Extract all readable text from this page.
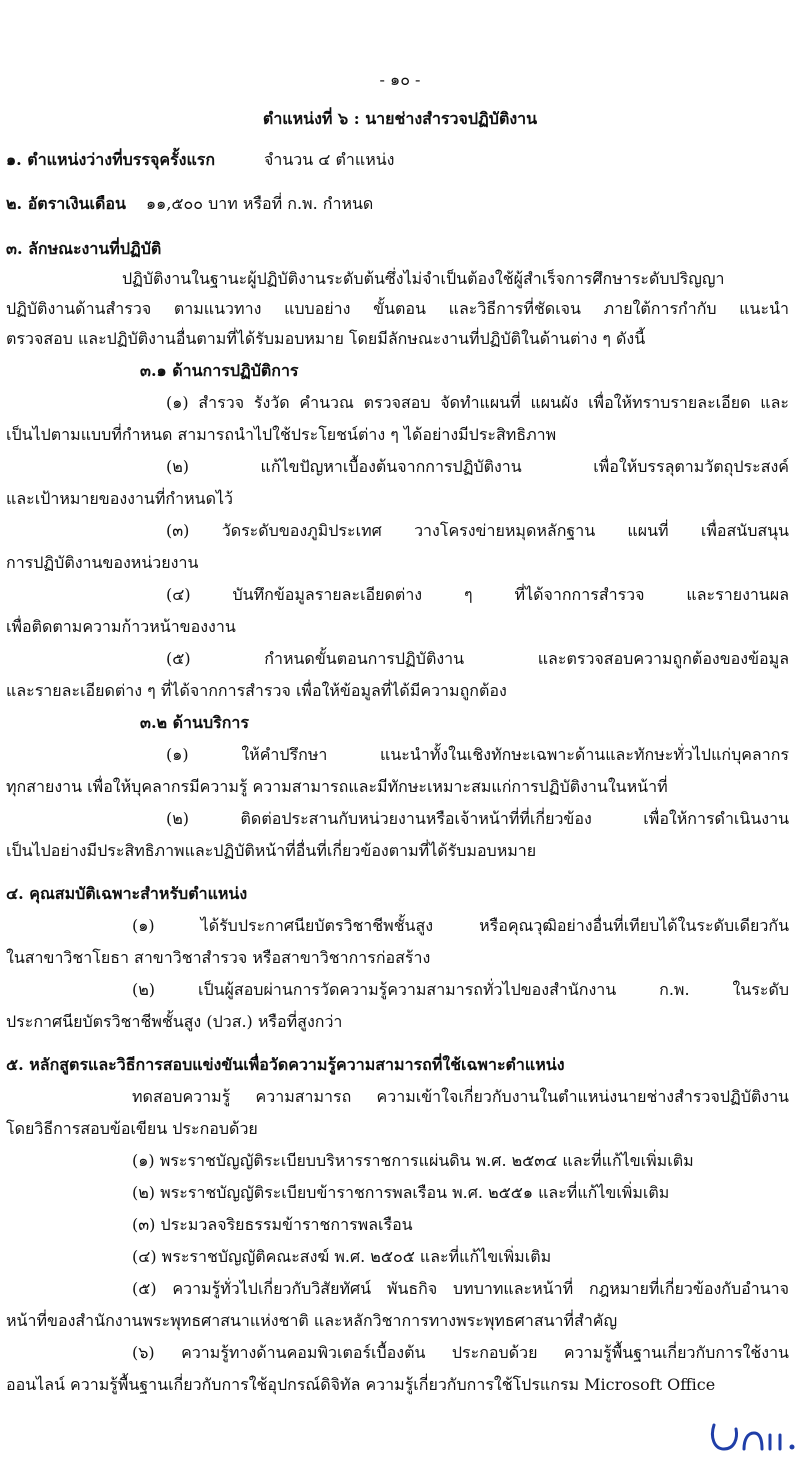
- ๑๐ -
ตำแหน่งที่ ๖ : นายช่างสำรวจปฏิบัติงาน
๑. ตำแหน่งว่างที่บรรจุครั้งแรก	จำนวน ๔ ตำแหน่ง
๒. อัตราเงินเดือน ๑๑,๕๐๐ บาท หรือที่ ก.พ. กำหนด
๓. ลักษณะงานที่ปฏิบัติ
ปฏิบัติงานในฐานะผู้ปฏิบัติงานระดับต้นซึ่งไม่จำเป็นต้องใช้ผู้สำเร็จการศึกษาระดับปริญญา
ปฏิบัติงานด้านสำรวจ ตามแนวทาง แบบอย่าง ขั้นตอน และวิธีการที่ชัดเจน ภายใต้การกำกับ แนะนำ
ตรวจสอบ และปฏิบัติงานอื่นตามที่ได้รับมอบหมาย โดยมีลักษณะงานที่ปฏิบัติในด้านต่าง ๆ ดังนี้
๓.๑ ด้านการปฏิบัติการ
(๑) สำรวจ รังวัด คำนวณ ตรวจสอบ จัดทำแผนที่ แผนผัง เพื่อให้ทราบรายละเอียด และ
เป็นไปตามแบบที่กำหนด สามารถนำไปใช้ประโยชน์ต่าง ๆ ได้อย่างมีประสิทธิภาพ
(๒) แก้ไขปัญหาเบื้องต้นจากการปฏิบัติงาน เพื่อให้บรรลุตามวัตถุประสงค์
และเป้าหมายของงานที่กำหนดไว้
(๓) วัดระดับของภูมิประเทศ วางโครงข่ายหมุดหลักฐาน แผนที่ เพื่อสนับสนุน
การปฏิบัติงานของหน่วยงาน
(๔) บันทึกข้อมูลรายละเอียดต่าง ๆ ที่ได้จากการสำรวจ และรายงานผล
เพื่อติดตามความก้าวหน้าของงาน
(๕) กำหนดขั้นตอนการปฏิบัติงาน และตรวจสอบความถูกต้องของข้อมูล
และรายละเอียดต่าง ๆ ที่ได้จากการสำรวจ เพื่อให้ข้อมูลที่ได้มีความถูกต้อง
๓.๒ ด้านบริการ
(๑) ให้คำปรึกษา แนะนำทั้งในเชิงทักษะเฉพาะด้านและทักษะทั่วไปแก่บุคลากร
ทุกสายงาน เพื่อให้บุคลากรมีความรู้ ความสามารถและมีทักษะเหมาะสมแก่การปฏิบัติงานในหน้าที่
(๒) ติดต่อประสานกับหน่วยงานหรือเจ้าหน้าที่ที่เกี่ยวข้อง เพื่อให้การดำเนินงาน
เป็นไปอย่างมีประสิทธิภาพและปฏิบัติหน้าที่อื่นที่เกี่ยวข้องตามที่ได้รับมอบหมาย
๔. คุณสมบัติเฉพาะสำหรับตำแหน่ง
(๑) ได้รับประกาศนียบัตรวิชาชีพชั้นสูง หรือคุณวุฒิอย่างอื่นที่เทียบได้ในระดับเดียวกัน
ในสาขาวิชาโยธา สาขาวิชาสำรวจ หรือสาขาวิชาการก่อสร้าง
(๒) เป็นผู้สอบผ่านการวัดความรู้ความสามารถทั่วไปของสำนักงาน ก.พ. ในระดับ
ประกาศนียบัตรวิชาชีพชั้นสูง (ปวส.) หรือที่สูงกว่า
๕. หลักสูตรและวิธีการสอบแข่งขันเพื่อวัดความรู้ความสามารถที่ใช้เฉพาะตำแหน่ง
ทดสอบความรู้ ความสามารถ ความเข้าใจเกี่ยวกับงานในตำแหน่งนายช่างสำรวจปฏิบัติงาน
โดยวิธีการสอบข้อเขียน ประกอบด้วย
(๑) พระราชบัญญัติระเบียบบริหารราชการแผ่นดิน พ.ศ. ๒๕๓๔ และที่แก้ไขเพิ่มเติม
(๒) พระราชบัญญัติระเบียบข้าราชการพลเรือน พ.ศ. ๒๕๕๑ และที่แก้ไขเพิ่มเติม
(๓) ประมวลจริยธรรมข้าราชการพลเรือน
(๔) พระราชบัญญัติคณะสงฆ์ พ.ศ. ๒๕๐๕ และที่แก้ไขเพิ่มเติม
(๕) ความรู้ทั่วไปเกี่ยวกับวิสัยทัศน์ พันธกิจ บทบาทและหน้าที่ กฎหมายที่เกี่ยวข้องกับอำนาจ
หน้าที่ของสำนักงานพระพุทธศาสนาแห่งชาติ และหลักวิชาการทางพระพุทธศาสนาที่สำคัญ
(๖) ความรู้ทางด้านคอมพิวเตอร์เบื้องต้น ประกอบด้วย ความรู้พื้นฐานเกี่ยวกับการใช้งาน
ออนไลน์ ความรู้พื้นฐานเกี่ยวกับการใช้อุปกรณ์ดิจิทัล ความรู้เกี่ยวกับการใช้โปรแกรม Microsoft Office
